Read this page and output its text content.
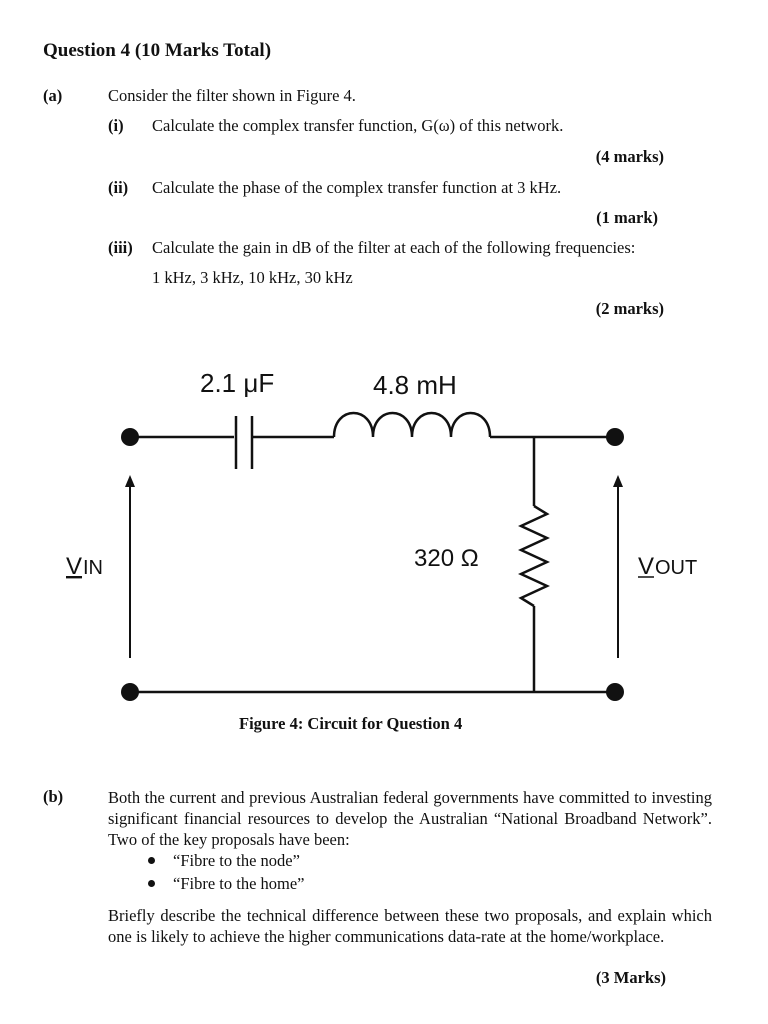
Question 4 (10 Marks Total)
(a)	Consider the filter shown in Figure 4.
(i) Calculate the complex transfer function, G(ω) of this network.
(4 marks)
(ii) Calculate the phase of the complex transfer function at 3 kHz.
(1 mark)
(iii) Calculate the gain in dB of the filter at each of the following frequencies:
1 kHz, 3 kHz, 10 kHz, 30 kHz
(2 marks)
2.1 μF	4.8 mH
320 Ω
V IN	V OUT
Figure 4: Circuit for Question 4
(b)	Both the current and previous Australian federal governments have committed to investing significant financial resources to develop the Australian “National Broadband Network”. Two of the key proposals have been:
“Fibre to the node”
“Fibre to the home”
Briefly describe the technical difference between these two proposals, and explain which one is likely to achieve the higher communications data-rate at the home/workplace.
(3 Marks)
